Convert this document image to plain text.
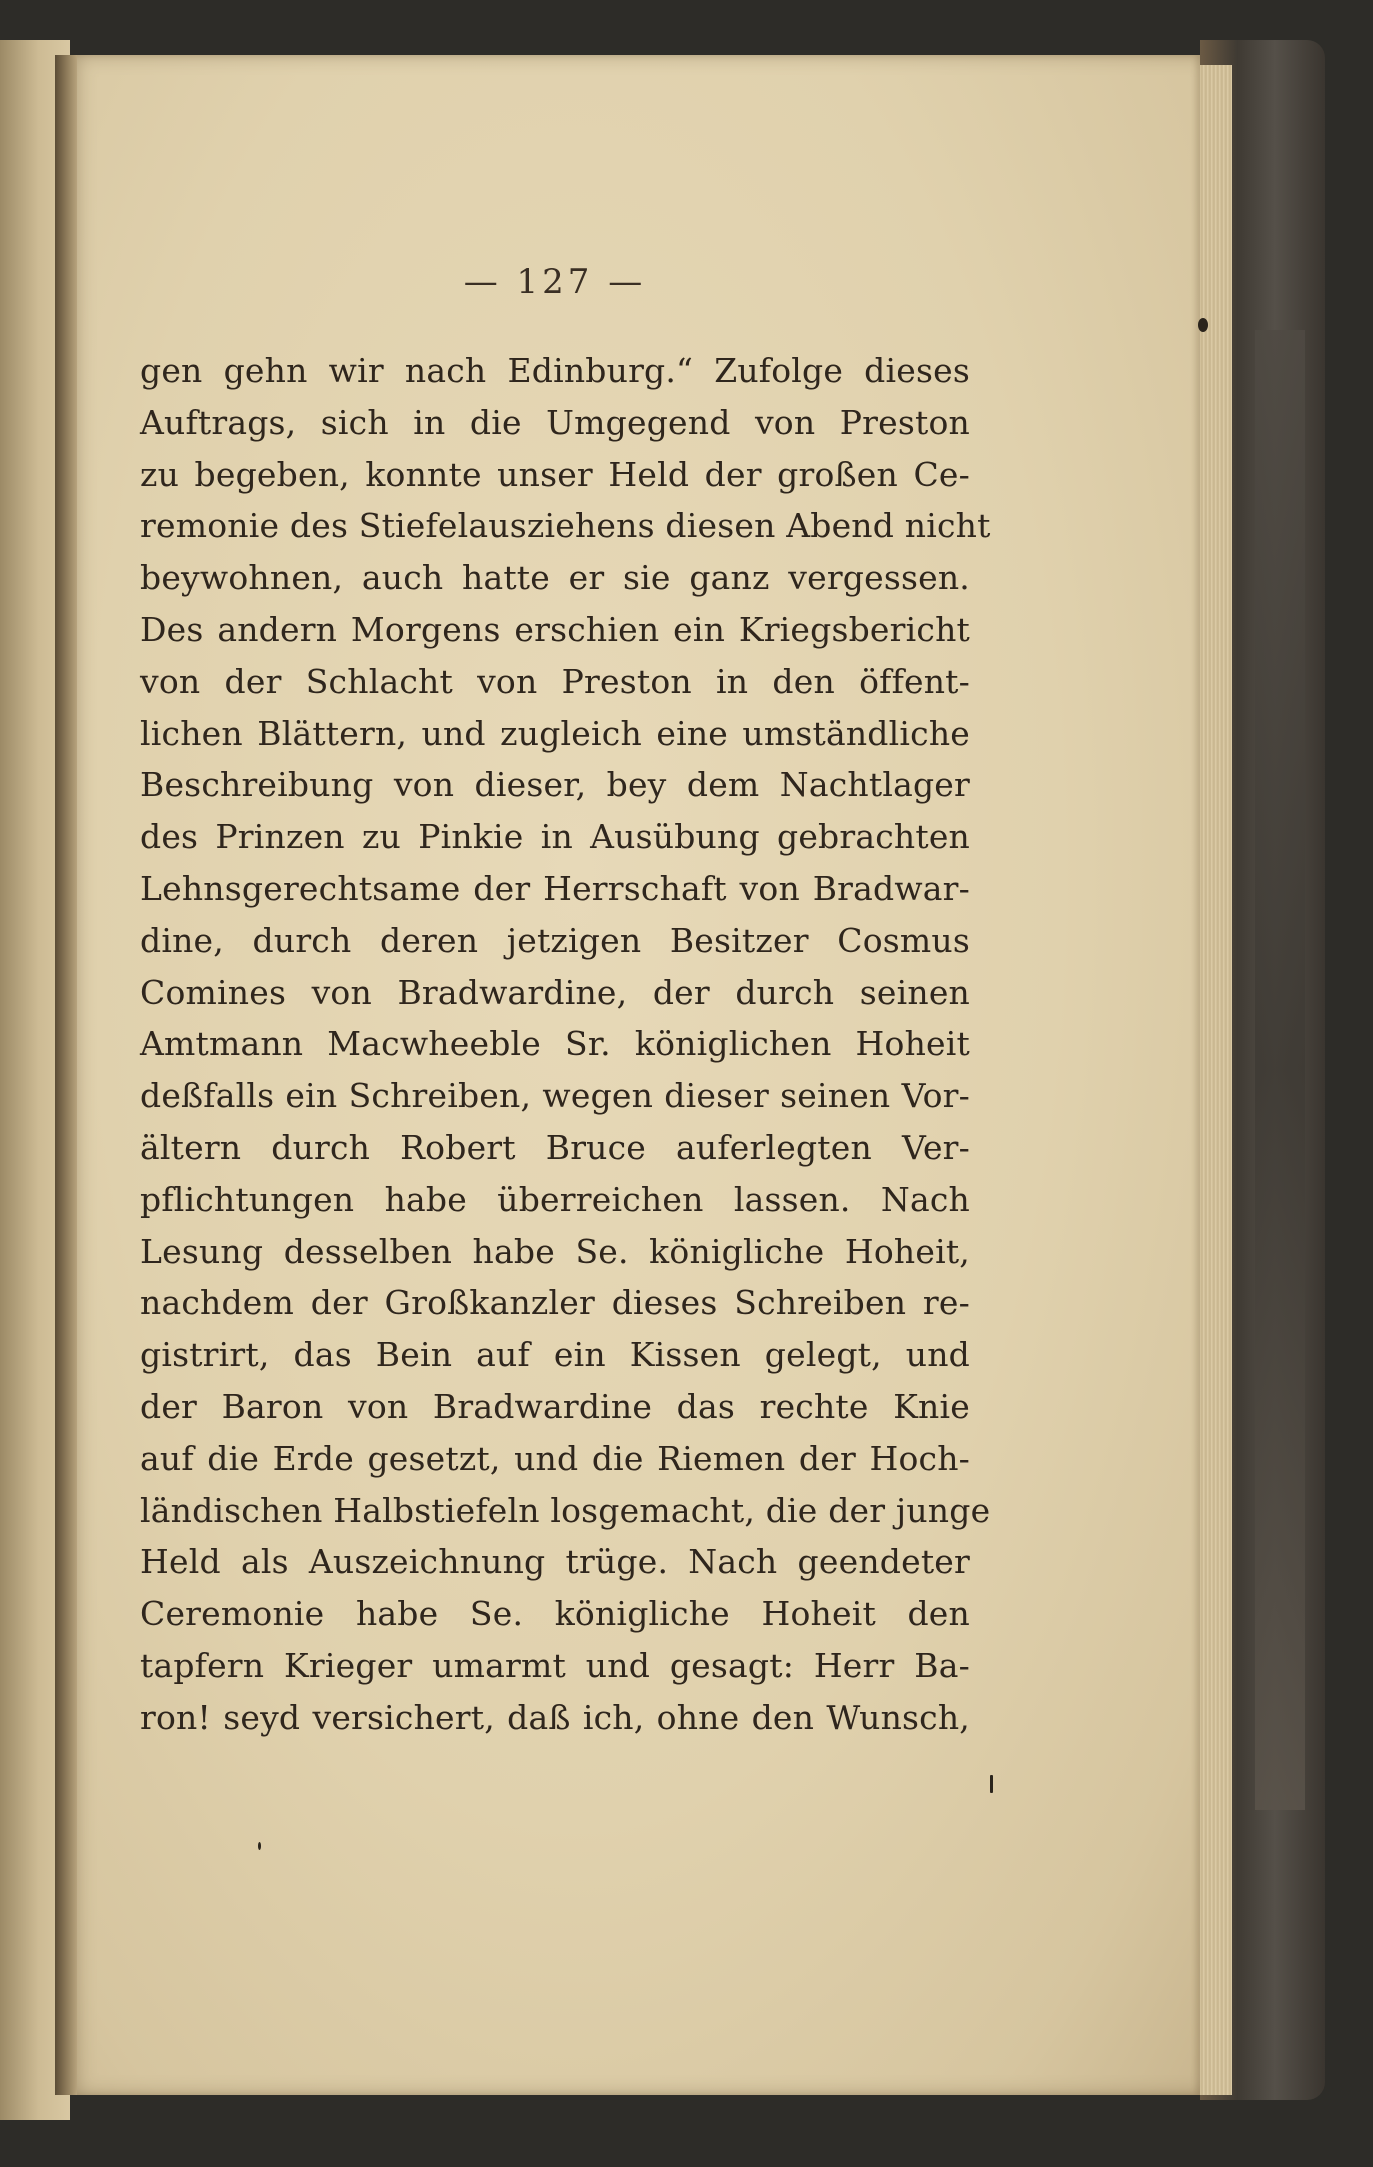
— 127 —
gen gehn wir nach Edinburg.“ Zufolge dieses
Auftrags, sich in die Umgegend von Preston
zu begeben, konnte unser Held der großen Ce-
remonie des Stiefelausziehens diesen Abend nicht
beywohnen, auch hatte er sie ganz vergessen.
Des andern Morgens erschien ein Kriegsbericht
von der Schlacht von Preston in den öffent-
lichen Blättern, und zugleich eine umständliche
Beschreibung von dieser, bey dem Nachtlager
des Prinzen zu Pinkie in Ausübung gebrachten
Lehnsgerechtsame der Herrschaft von Bradwar-
dine, durch deren jetzigen Besitzer Cosmus
Comines von Bradwardine, der durch seinen
Amtmann Macwheeble Sr. königlichen Hoheit
deßfalls ein Schreiben, wegen dieser seinen Vor-
ältern durch Robert Bruce auferlegten Ver-
pflichtungen habe überreichen lassen. Nach
Lesung desselben habe Se. königliche Hoheit,
nachdem der Großkanzler dieses Schreiben re-
gistrirt, das Bein auf ein Kissen gelegt, und
der Baron von Bradwardine das rechte Knie
auf die Erde gesetzt, und die Riemen der Hoch-
ländischen Halbstiefeln losgemacht, die der junge
Held als Auszeichnung trüge. Nach geendeter
Ceremonie habe Se. königliche Hoheit den
tapfern Krieger umarmt und gesagt: Herr Ba-
ron! seyd versichert, daß ich, ohne den Wunsch,
